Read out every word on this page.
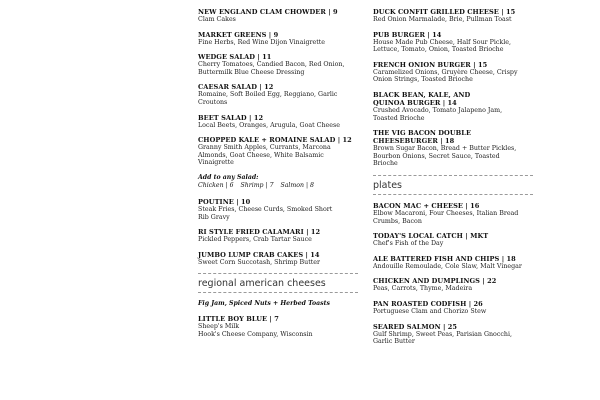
NEW ENGLAND CLAM CHOWDER | 9
Clam Cakes
MARKET GREENS | 9
Fine Herbs, Red Wine Dijon Vinaigrette
WEDGE SALAD | 11
Cherry Tomatoes, Candied Bacon, Red Onion,
Buttermilk Blue Cheese Dressing
CAESAR SALAD | 12
Romaine, Soft Boiled Egg, Reggiano, Garlic
Croutons
BEET SALAD | 12
Local Beets, Oranges, Arugula, Goat Cheese
CHOPPED KALE + ROMAINE SALAD | 12
Granny Smith Apples, Currants, Marcona
Almonds, Goat Cheese, White Balsamic
Vinaigrette
Add to any Salad:
Chicken | 6 Shrimp | 7 Salmon | 8
POUTINE | 10
Steak Fries, Cheese Curds, Smoked Short
Rib Gravy
RI STYLE FRIED CALAMARI | 12
Pickled Peppers, Crab Tartar Sauce
JUMBO LUMP CRAB CAKES | 14
Sweet Corn Succotash, Shrimp Butter
regional american cheeses
Fig Jam, Spiced Nuts + Herbed Toasts
LITTLE BOY BLUE | 7
Sheep's Milk
Hook's Cheese Company, Wisconsin
DUCK CONFIT GRILLED CHEESE | 15
Red Onion Marmalade, Brie, Pullman Toast
PUB BURGER | 14
House Made Pub Cheese, Half Sour Pickle,
Lettuce, Tomato, Onion, Toasted Brioche
FRENCH ONION BURGER | 15
Caramelized Onions, Gruyère Cheese, Crispy
Onion Strings, Toasted Brioche
BLACK BEAN, KALE, AND
QUINOA BURGER | 14
Crushed Avocado, Tomato Jalapeno Jam,
Toasted Brioche
THE VIG BACON DOUBLE
CHEESEBURGER | 18
Brown Sugar Bacon, Bread + Butter Pickles,
Bourbon Onions, Secret Sauce, Toasted
Brioche
plates
BACON MAC + CHEESE | 16
Elbow Macaroni, Four Cheeses, Italian Bread
Crumbs, Bacon
TODAY'S LOCAL CATCH | MKT
Chef's Fish of the Day
ALE BATTERED FISH AND CHIPS | 18
Andouille Remoulade, Cole Slaw, Malt Vinegar
CHICKEN AND DUMPLINGS | 22
Peas, Carrots, Thyme, Madeira
PAN ROASTED CODFISH | 26
Portuguese Clam and Chorizo Stew
SEARED SALMON | 25
Gulf Shrimp, Sweet Peas, Parisian Gnocchi,
Garlic Butter
